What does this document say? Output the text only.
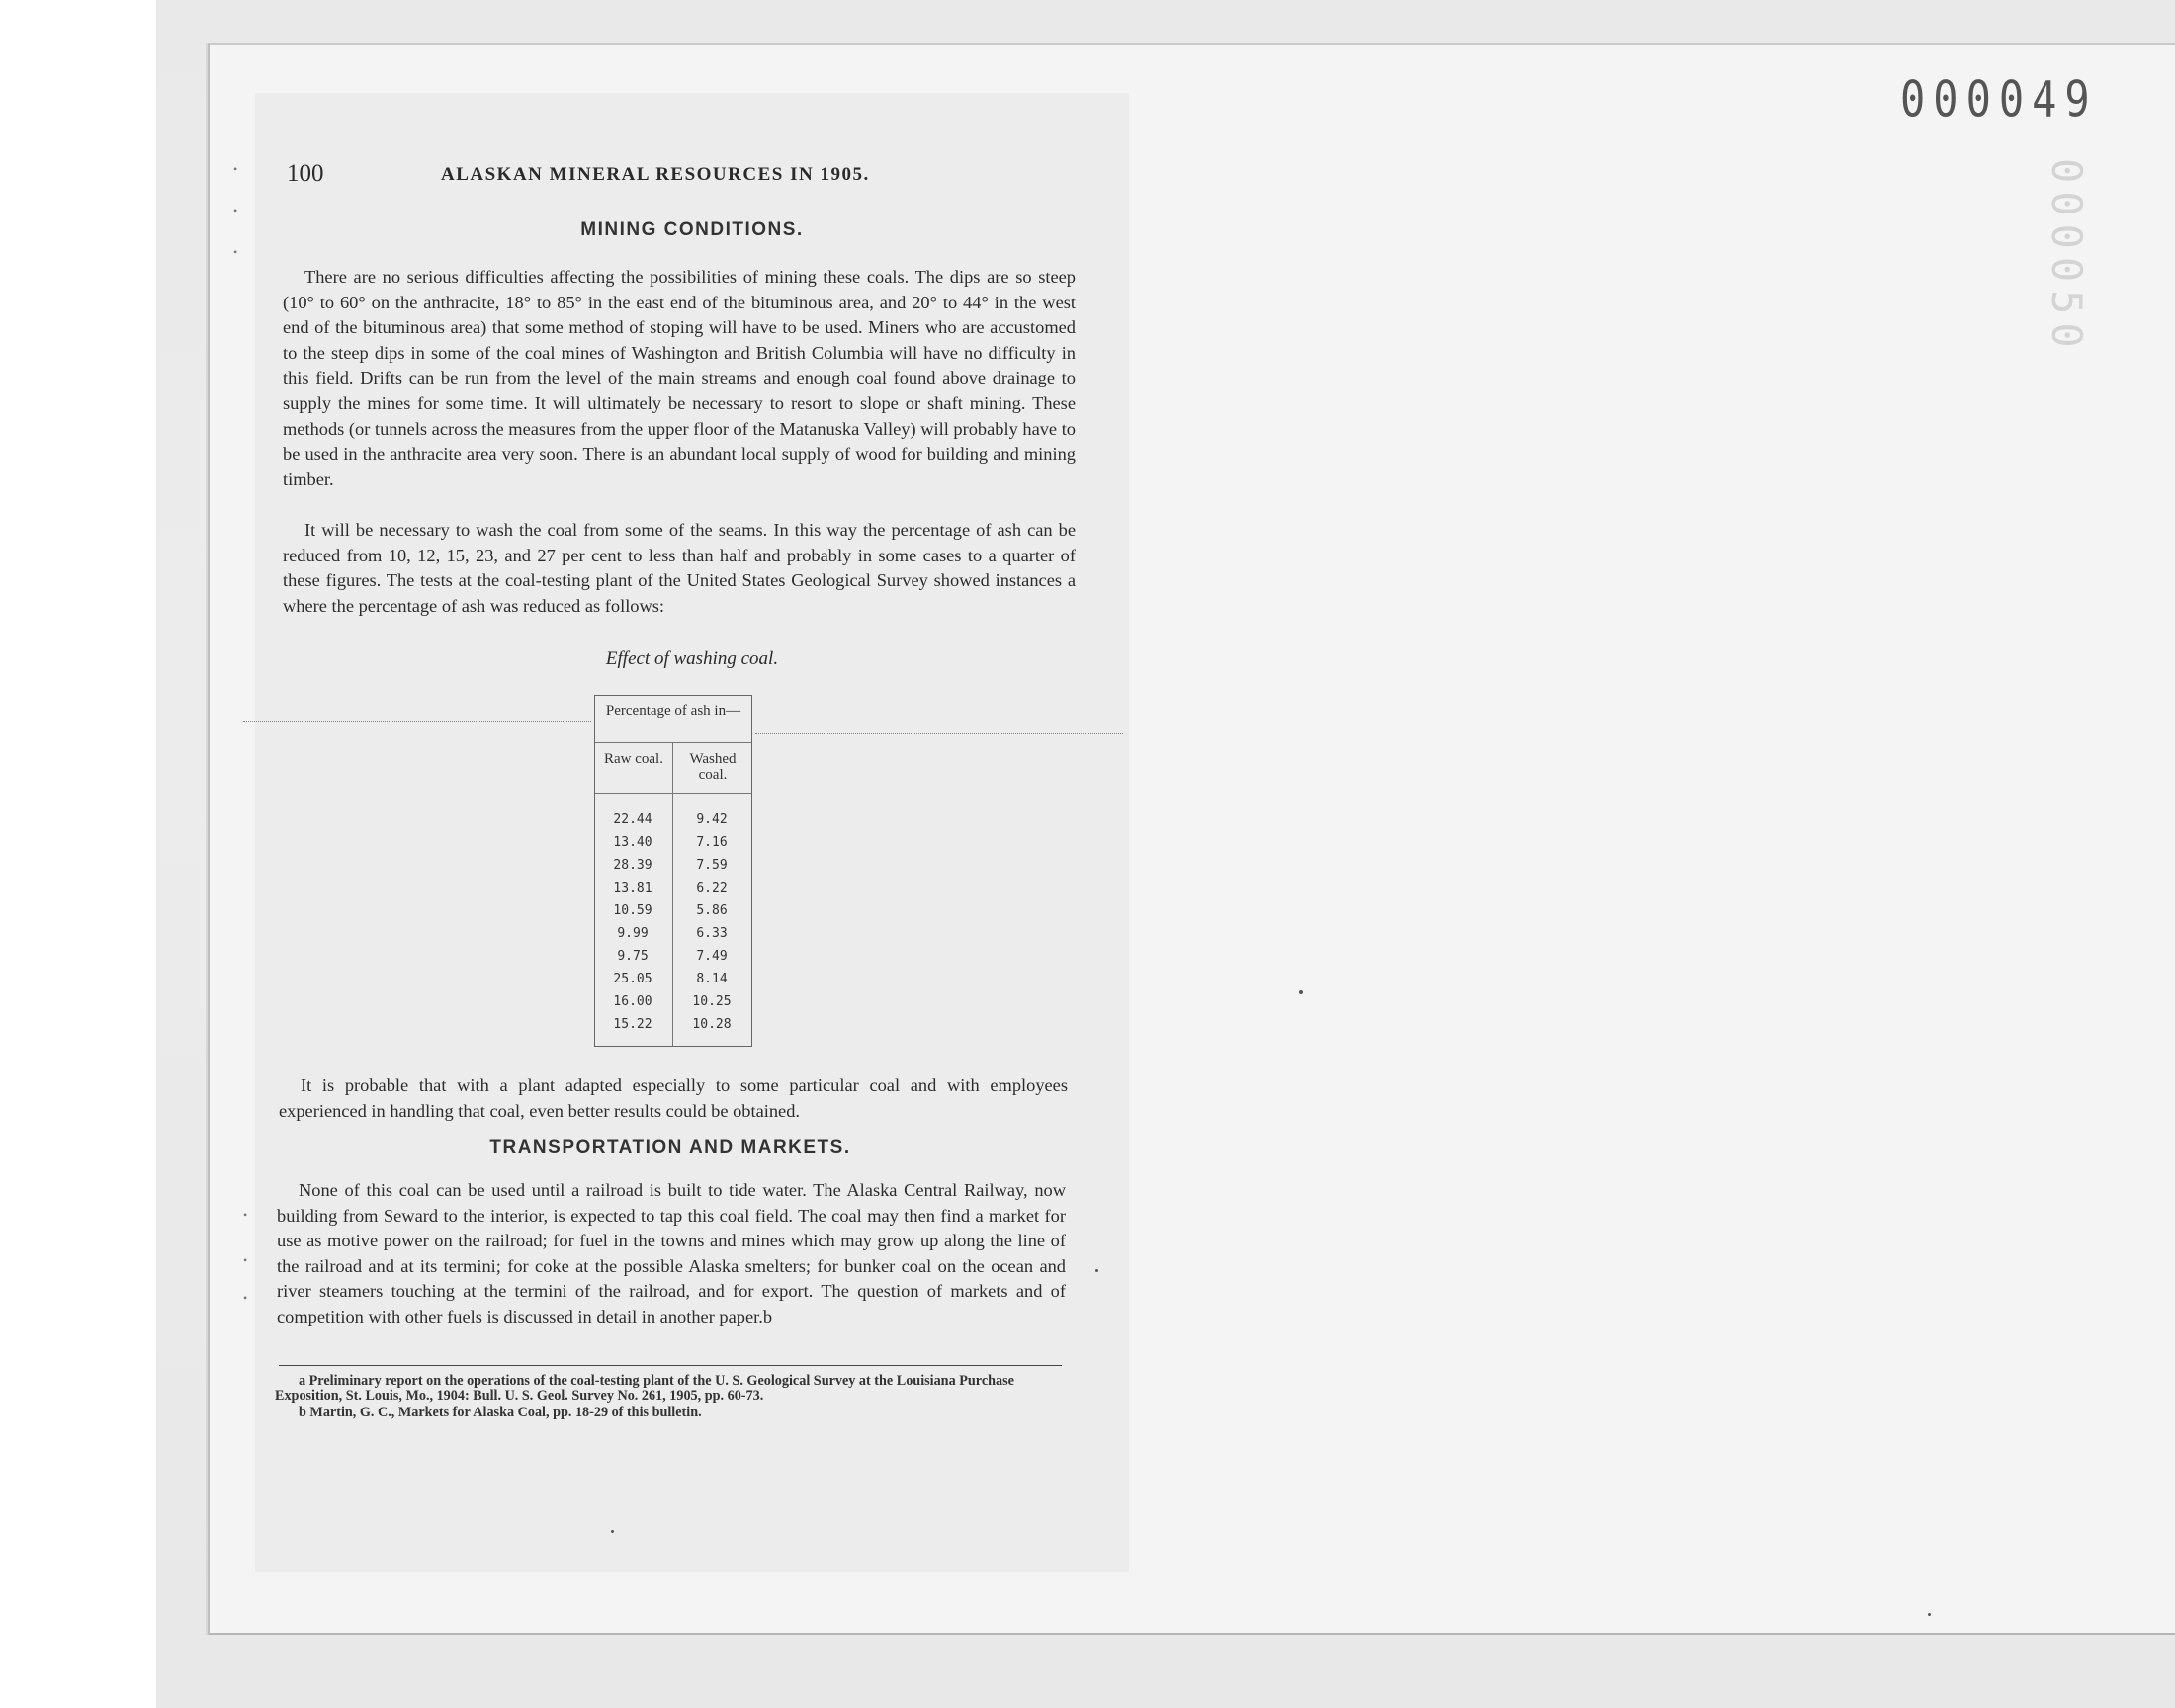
000049
000050
100	ALASKAN MINERAL RESOURCES IN 1905.
MINING CONDITIONS.
There are no serious difficulties affecting the possibilities of mining these coals. The dips are so steep (10° to 60° on the anthracite, 18° to 85° in the east end of the bituminous area, and 20° to 44° in the west end of the bituminous area) that some method of stoping will have to be used. Miners who are accustomed to the steep dips in some of the coal mines of Washington and British Columbia will have no difficulty in this field. Drifts can be run from the level of the main streams and enough coal found above drainage to supply the mines for some time. It will ultimately be necessary to resort to slope or shaft mining. These methods (or tunnels across the measures from the upper floor of the Matanuska Valley) will probably have to be used in the anthracite area very soon. There is an abundant local supply of wood for building and mining timber.
It will be necessary to wash the coal from some of the seams. In this way the percentage of ash can be reduced from 10, 12, 15, 23, and 27 per cent to less than half and probably in some cases to a quarter of these figures. The tests at the coal-testing plant of the United States Geological Survey showed instances a where the percentage of ash was reduced as follows:
Effect of washing coal.
Percentage of ash in—
Raw coal.	Washed coal.
22.44	9.42
13.40	7.16
28.39	7.59
13.81	6.22
10.59	5.86
9.99	6.33
9.75	7.49
25.05	8.14
16.00	10.25
15.22	10.28
It is probable that with a plant adapted especially to some particular coal and with employees experienced in handling that coal, even better results could be obtained.
TRANSPORTATION AND MARKETS.
None of this coal can be used until a railroad is built to tide water. The Alaska Central Railway, now building from Seward to the interior, is expected to tap this coal field. The coal may then find a market for use as motive power on the railroad; for fuel in the towns and mines which may grow up along the line of the railroad and at its termini; for coke at the possible Alaska smelters; for bunker coal on the ocean and river steamers touching at the termini of the railroad, and for export. The question of markets and of competition with other fuels is discussed in detail in another paper.b
a Preliminary report on the operations of the coal-testing plant of the U. S. Geological Survey at the Louisiana Purchase Exposition, St. Louis, Mo., 1904: Bull. U. S. Geol. Survey No. 261, 1905, pp. 60-73.
b Martin, G. C., Markets for Alaska Coal, pp. 18-29 of this bulletin.
•
•
•
•
•
•
